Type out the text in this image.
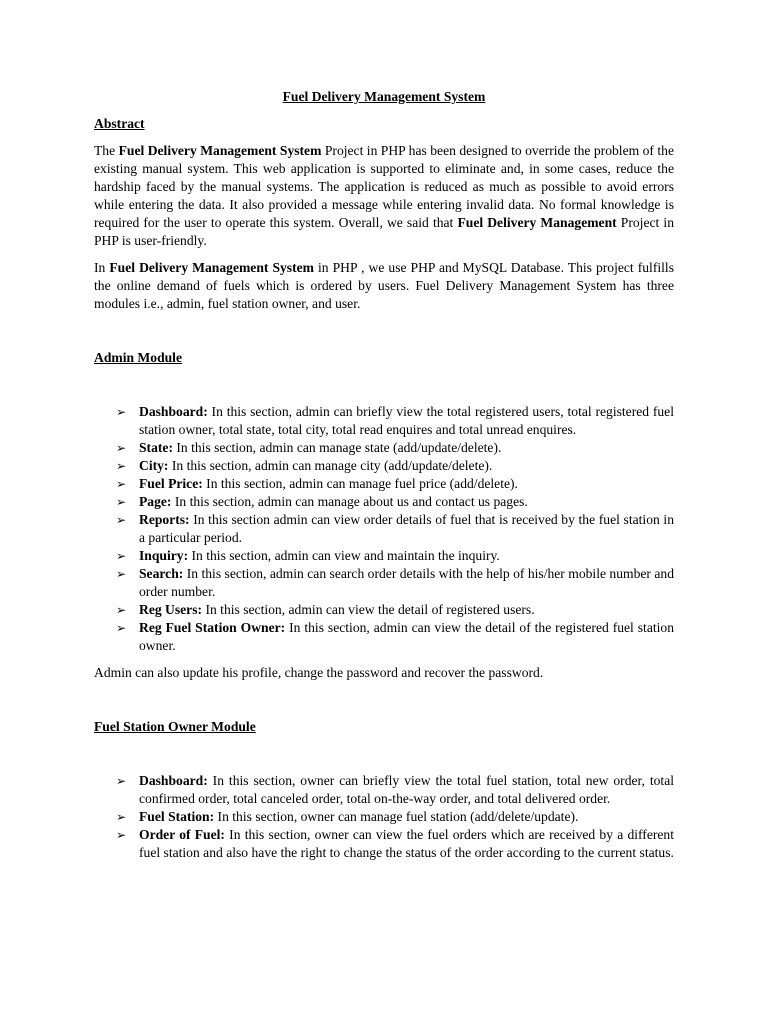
Fuel Delivery Management System
Abstract

The Fuel Delivery Management System Project in PHP has been designed to override the problem of the existing manual system. This web application is supported to eliminate and, in some cases, reduce the hardship faced by the manual systems. The application is reduced as much as possible to avoid errors while entering the data. It also provided a message while entering invalid data. No formal knowledge is required for the user to operate this system. Overall, we said that Fuel Delivery Management Project in PHP is user-friendly.

In Fuel Delivery Management System in PHP , we use PHP and MySQL Database. This project fulfills the online demand of fuels which is ordered by users. Fuel Delivery Management System has three modules i.e., admin, fuel station owner, and user.

Admin Module
➢ Dashboard: In this section, admin can briefly view the total registered users, total registered fuel station owner, total state, total city, total read enquires and total unread enquires.
➢ State: In this section, admin can manage state (add/update/delete).
➢ City: In this section, admin can manage city (add/update/delete).
➢ Fuel Price: In this section, admin can manage fuel price (add/delete).
➢ Page: In this section, admin can manage about us and contact us pages.
➢ Reports: In this section admin can view order details of fuel that is received by the fuel station in a particular period.
➢ Inquiry: In this section, admin can view and maintain the inquiry.
➢ Search: In this section, admin can search order details with the help of his/her mobile number and order number.
➢ Reg Users: In this section, admin can view the detail of registered users.
➢ Reg Fuel Station Owner: In this section, admin can view the detail of the registered fuel station owner.

Admin can also update his profile, change the password and recover the password.

Fuel Station Owner Module
➢ Dashboard: In this section, owner can briefly view the total fuel station, total new order, total confirmed order, total canceled order, total on-the-way order, and total delivered order.
➢ Fuel Station: In this section, owner can manage fuel station (add/delete/update).
➢ Order of Fuel: In this section, owner can view the fuel orders which are received by a different fuel station and also have the right to change the status of the order according to the current status.
